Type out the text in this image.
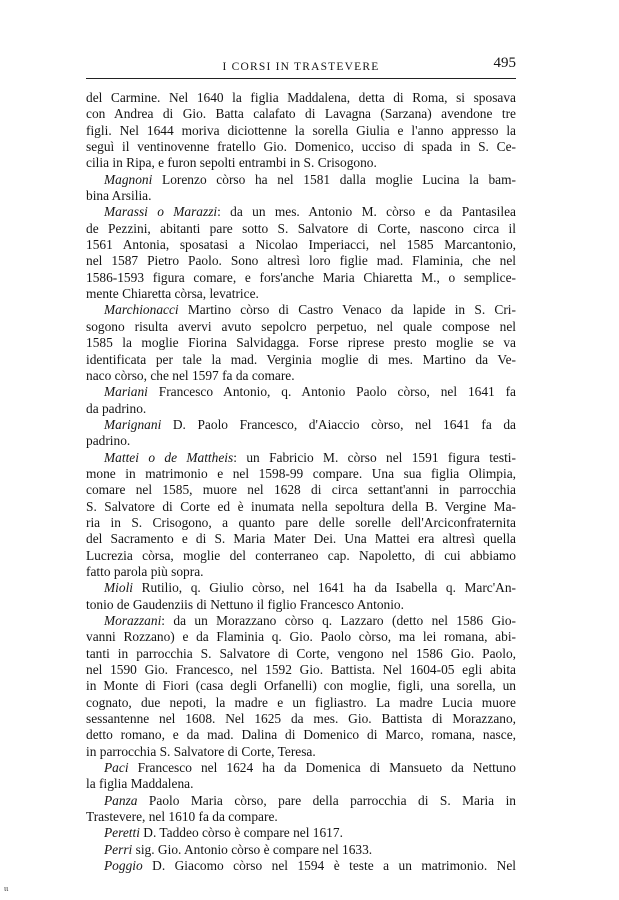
I CORSI IN TRASTEVERE	495
del Carmine. Nel 1640 la figlia Maddalena, detta di Roma, si sposava
con Andrea di Gio. Batta calafato di Lavagna (Sarzana) avendone tre
figli. Nel 1644 moriva diciottenne la sorella Giulia e l'anno appresso la
seguì il ventinovenne fratello Gio. Domenico, ucciso di spada in S. Ce-
cilia in Ripa, e furon sepolti entrambi in S. Crisogono.
Magnoni Lorenzo còrso ha nel 1581 dalla moglie Lucina la bam-
bina Arsilia.
Marassi o Marazzi: da un mes. Antonio M. còrso e da Pantasilea
de Pezzini, abitanti pare sotto S. Salvatore di Corte, nascono circa il
1561 Antonia, sposatasi a Nicolao Imperiacci, nel 1585 Marcantonio,
nel 1587 Pietro Paolo. Sono altresì loro figlie mad. Flaminia, che nel
1586-1593 figura comare, e fors'anche Maria Chiaretta M., o semplice-
mente Chiaretta còrsa, levatrice.
Marchionacci Martino còrso di Castro Venaco da lapide in S. Cri-
sogono risulta avervi avuto sepolcro perpetuo, nel quale compose nel
1585 la moglie Fiorina Salvidagga. Forse riprese presto moglie se va
identificata per tale la mad. Verginia moglie di mes. Martino da Ve-
naco còrso, che nel 1597 fa da comare.
Mariani Francesco Antonio, q. Antonio Paolo còrso, nel 1641 fa
da padrino.
Marignani D. Paolo Francesco, d'Aiaccio còrso, nel 1641 fa da
padrino.
Mattei o de Mattheis: un Fabricio M. còrso nel 1591 figura testi-
mone in matrimonio e nel 1598-99 compare. Una sua figlia Olimpia,
comare nel 1585, muore nel 1628 di circa settant'anni in parrocchia
S. Salvatore di Corte ed è inumata nella sepoltura della B. Vergine Ma-
ria in S. Crisogono, a quanto pare delle sorelle dell'Arciconfraternita
del Sacramento e di S. Maria Mater Dei. Una Mattei era altresì quella
Lucrezia còrsa, moglie del conterraneo cap. Napoletto, di cui abbiamo
fatto parola più sopra.
Mioli Rutilio, q. Giulio còrso, nel 1641 ha da Isabella q. Marc'An-
tonio de Gaudenziis di Nettuno il figlio Francesco Antonio.
Morazzani: da un Morazzano còrso q. Lazzaro (detto nel 1586 Gio-
vanni Rozzano) e da Flaminia q. Gio. Paolo còrso, ma lei romana, abi-
tanti in parrocchia S. Salvatore di Corte, vengono nel 1586 Gio. Paolo,
nel 1590 Gio. Francesco, nel 1592 Gio. Battista. Nel 1604-05 egli abita
in Monte di Fiori (casa degli Orfanelli) con moglie, figli, una sorella, un
cognato, due nepoti, la madre e un figliastro. La madre Lucia muore
sessantenne nel 1608. Nel 1625 da mes. Gio. Battista di Morazzano,
detto romano, e da mad. Dalina di Domenico di Marco, romana, nasce,
in parrocchia S. Salvatore di Corte, Teresa.
Paci Francesco nel 1624 ha da Domenica di Mansueto da Nettuno
la figlia Maddalena.
Panza Paolo Maria còrso, pare della parrocchia di S. Maria in
Trastevere, nel 1610 fa da compare.
Peretti D. Taddeo còrso è compare nel 1617.
Perri sig. Gio. Antonio còrso è compare nel 1633.
Poggio D. Giacomo còrso nel 1594 è teste a un matrimonio. Nel
ιι
